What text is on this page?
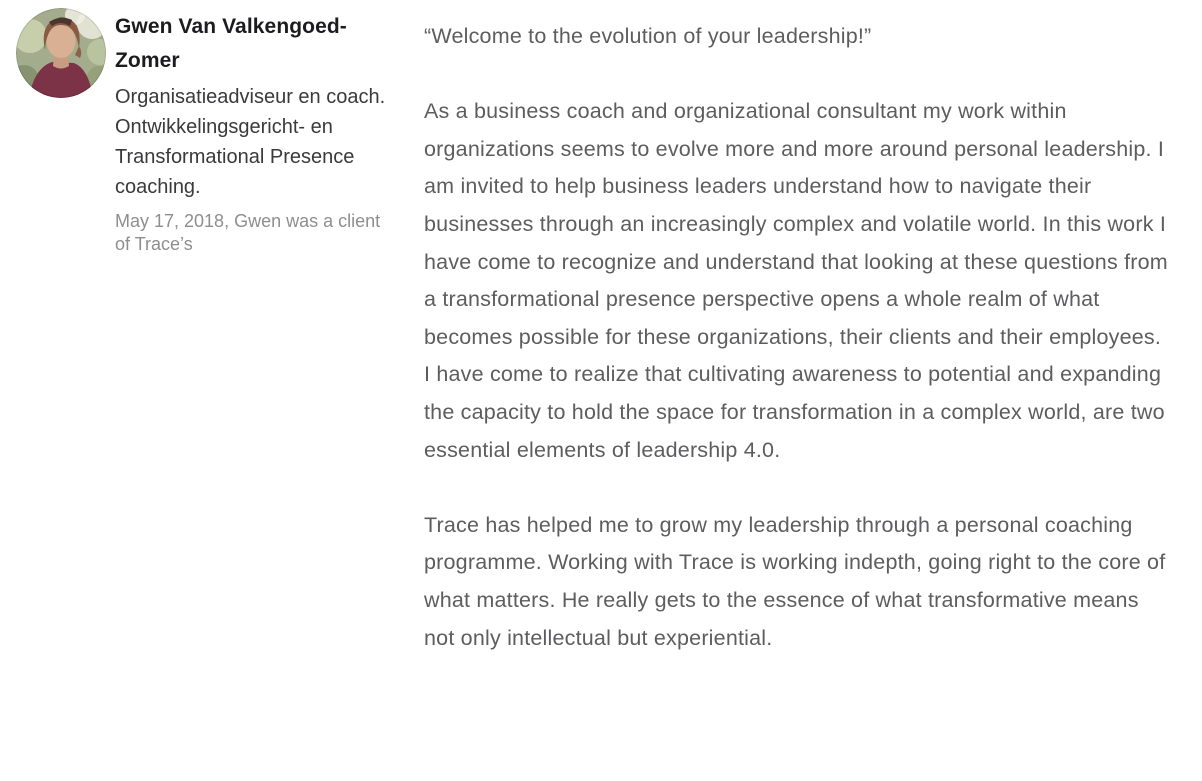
Gwen Van Valkengoed-Zomer
Organisatieadviseur en coach. Ontwikkelingsgericht- en Transformational Presence coaching.
May 17, 2018, Gwen was a client of Trace’s

“Welcome to the evolution of your leadership!”

As a business coach and organizational consultant my work within organizations seems to evolve more and more around personal leadership. I am invited to help business leaders understand how to navigate their businesses through an increasingly complex and volatile world. In this work I have come to recognize and understand that looking at these questions from a transformational presence perspective opens a whole realm of what becomes possible for these organizations, their clients and their employees. I have come to realize that cultivating awareness to potential and expanding the capacity to hold the space for transformation in a complex world, are two essential elements of leadership 4.0.

Trace has helped me to grow my leadership through a personal coaching programme. Working with Trace is working indepth, going right to the core of what matters. He really gets to the essence of what transformative means not only intellectual but experiential.
